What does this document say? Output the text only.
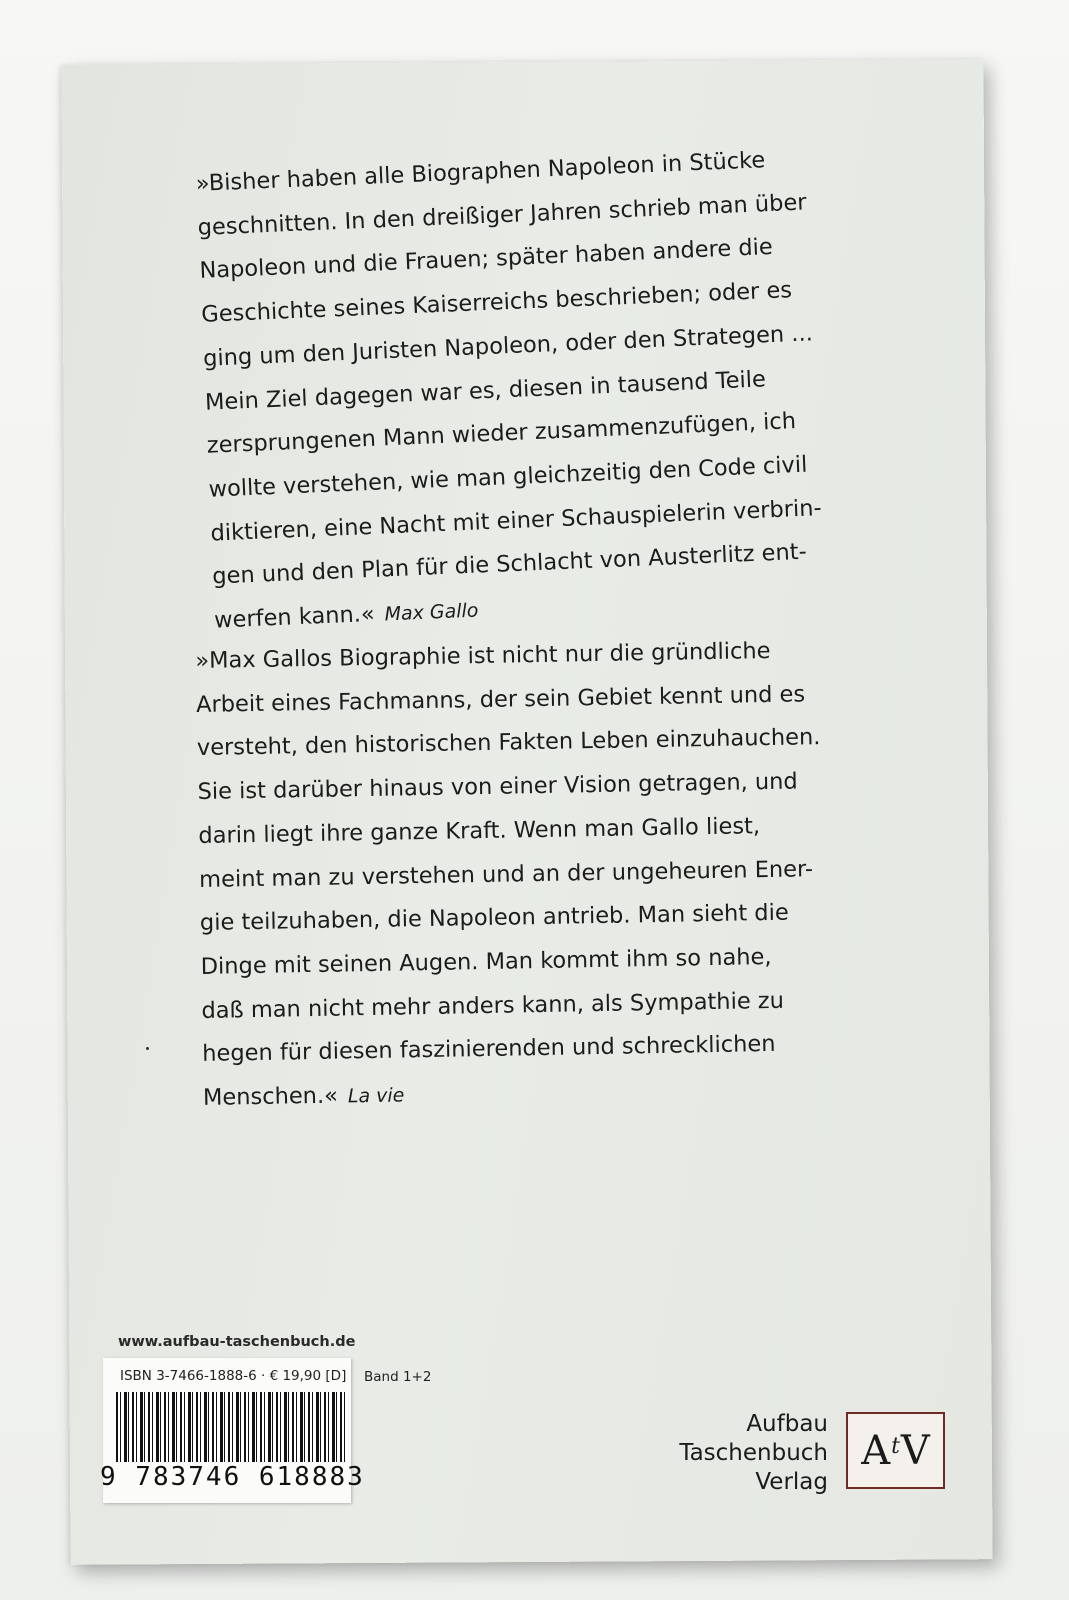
»Bisher haben alle Biographen Napoleon in Stücke

geschnitten. In den dreißiger Jahren schrieb man über

Napoleon und die Frauen; später haben andere die

Geschichte seines Kaiserreichs beschrieben; oder es

ging um den Juristen Napoleon, oder den Strategen ...

Mein Ziel dagegen war es, diesen in tausend Teile

zersprungenen Mann wieder zusammenzufügen, ich

wollte verstehen, wie man gleichzeitig den Code civil

diktieren, eine Nacht mit einer Schauspielerin verbrin-

gen und den Plan für die Schlacht von Austerlitz ent-

werfen kann.« Max Gallo

»Max Gallos Biographie ist nicht nur die gründliche

Arbeit eines Fachmanns, der sein Gebiet kennt und es

versteht, den historischen Fakten Leben einzuhauchen.

Sie ist darüber hinaus von einer Vision getragen, und

darin liegt ihre ganze Kraft. Wenn man Gallo liest,

meint man zu verstehen und an der ungeheuren Ener-

gie teilzuhaben, die Napoleon antrieb. Man sieht die

Dinge mit seinen Augen. Man kommt ihm so nahe,

daß man nicht mehr anders kann, als Sympathie zu

hegen für diesen faszinierenden und schrecklichen

Menschen.« La vie

www.aufbau-taschenbuch.de
ISBN 3-7466-1888-6 · € 19,90 [D] Band 1+2
9 783746 618883
Aufbau
Taschenbuch
Verlag
$A^t$ V
